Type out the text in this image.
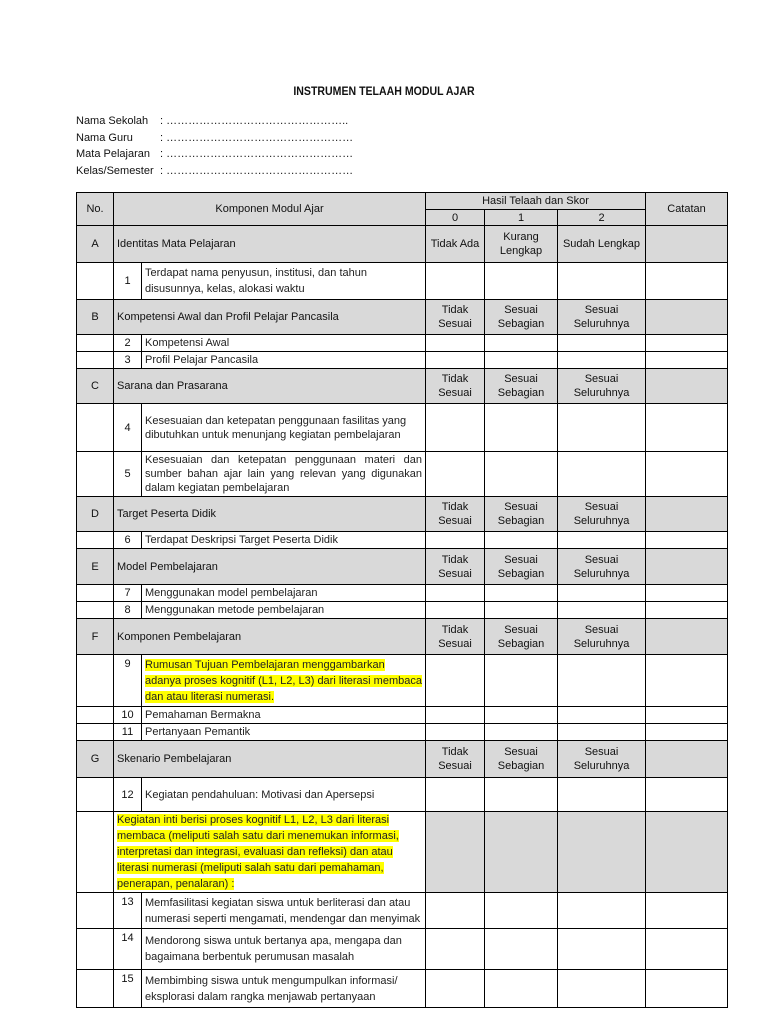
INSTRUMEN TELAAH MODUL AJAR
Nama Sekolah	: …………………………………………..
Nama Guru	: ……………………………………………
Mata Pelajaran : ……………………………………………
Kelas/Semester : ……………………………………………
No.	Komponen Modul Ajar		Hasil Telaah dan Skor			Catatan
			0	1	2	
A	Identitas Mata Pelajaran		Tidak Ada	Kurang Lengkap	Sudah Lengkap	
	1	Terdapat nama penyusun, institusi, dan tahun disusunnya, kelas, alokasi waktu				
B	Kompetensi Awal dan Profil Pelajar Pancasila		Tidak Sesuai	Sesuai Sebagian	Sesuai Seluruhnya	
	2	Kompetensi Awal				
	3	Profil Pelajar Pancasila				
C	Sarana dan Prasarana		Tidak Sesuai	Sesuai Sebagian	Sesuai Seluruhnya	
	4	Kesesuaian dan ketepatan penggunaan fasilitas yang dibutuhkan untuk menunjang kegiatan pembelajaran				
	5	Kesesuaian dan ketepatan penggunaan materi dan sumber bahan ajar lain yang relevan yang digunakan dalam kegiatan pembelajaran				
D	Target Peserta Didik		Tidak Sesuai	Sesuai Sebagian	Sesuai Seluruhnya	
	6	Terdapat Deskripsi Target Peserta Didik				
E	Model Pembelajaran		Tidak Sesuai	Sesuai Sebagian	Sesuai Seluruhnya	
	7	Menggunakan model pembelajaran				
	8	Menggunakan metode pembelajaran				
F	Komponen Pembelajaran		Tidak Sesuai	Sesuai Sebagian	Sesuai Seluruhnya	
	9	Rumusan Tujuan Pembelajaran menggambarkan adanya proses kognitif (L1, L2, L3) dari literasi membaca dan atau literasi numerasi.				
	10	Pemahaman Bermakna				
	11	Pertanyaan Pemantik				
G	Skenario Pembelajaran		Tidak Sesuai	Sesuai Sebagian	Sesuai Seluruhnya	
	12	Kegiatan pendahuluan: Motivasi dan Apersepsi				
	Kegiatan inti berisi proses kognitif L1, L2, L3 dari literasi membaca (meliputi salah satu dari menemukan informasi, interpretasi dan integrasi, evaluasi dan refleksi) dan atau literasi numerasi (meliputi salah satu dari pemahaman, penerapan, penalaran) :					
	13	Memfasilitasi kegiatan siswa untuk berliterasi dan atau numerasi seperti mengamati, mendengar dan menyimak				
	14	Mendorong siswa untuk bertanya apa, mengapa dan bagaimana berbentuk perumusan masalah				
	15	Membimbing siswa untuk mengumpulkan informasi/ eksplorasi dalam rangka menjawab pertanyaan				
